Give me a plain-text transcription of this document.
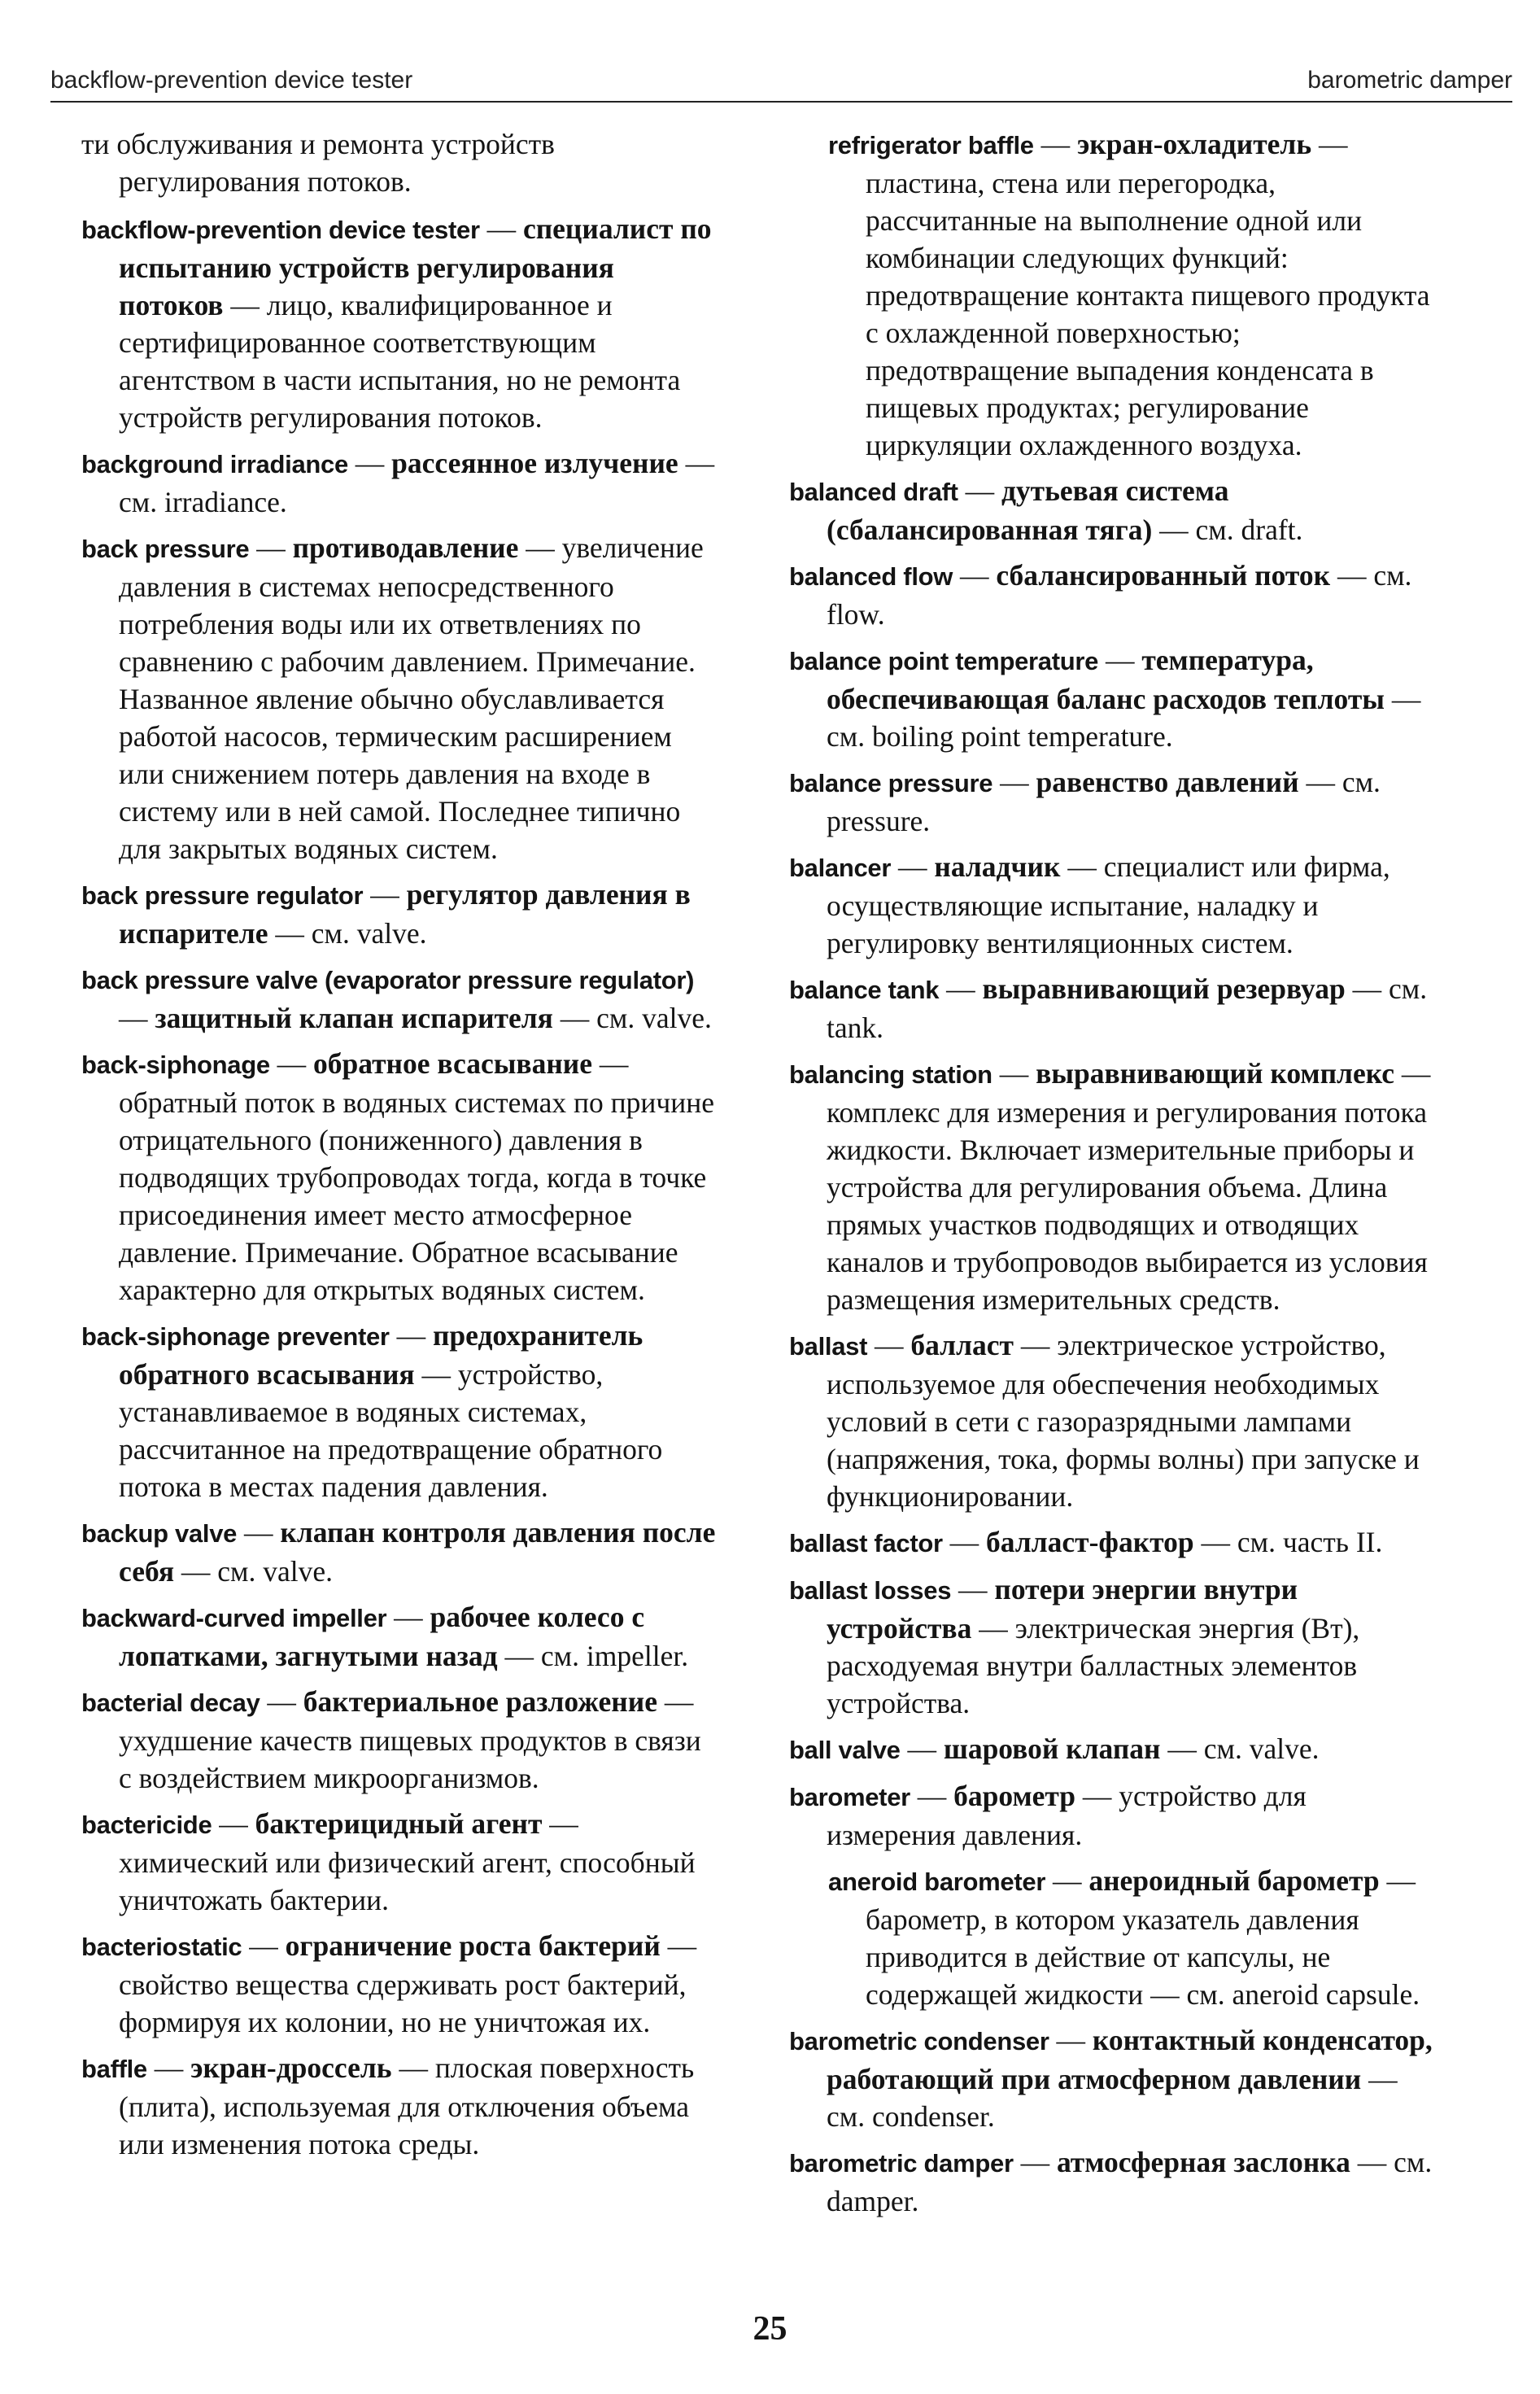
backflow-preventіon devіce tester	barometrіc damper

ти обслуживания и ремонта устройств регулирования потоков.

backflow-prevention device tester — специалист по испытанию устройств регулирования потоков — лицо, квалифицированное и сертифицированное соответствующим агентством в части испытания, но не ремонта устройств регулирования потоков.

background irradiance — рассеянное излучение — см. irradiance.

back pressure — противодавление — увеличение давления в системах непосредственного потребления воды или их ответвлениях по сравнению с рабочим давлением. Примечание. Названное явление обычно обуславливается работой насосов, термическим расширением или снижением потерь давления на входе в систему или в ней самой. Последнее типично для закрытых водяных систем.

back pressure regulator — регулятор давления в испарителе — см. valve.

back pressure valve (evaporator pressure regulator) — защитный клапан испарителя — см. valve.

back-siphonage — обратное всасывание — обратный поток в водяных системах по причине отрицательного (пониженного) давления в подводящих трубопроводах тогда, когда в точке присоединения имеет место атмосферное давление. Примечание. Обратное всасывание характерно для открытых водяных систем.

back-siphonage preventer — предохранитель обратного всасывания — устройство, устанавливаемое в водяных системах, рассчитанное на предотвращение обратного потока в местах падения давления.

backup valve — клапан контроля давления после себя — см. valve.

backward-curved impeller — рабочее колесо с лопатками, загнутыми назад — см. impeller.

bacterial decay — бактериальное разложение — ухудшение качеств пищевых продуктов в связи с воздействием микроорганизмов.

bactericide — бактерицидный агент — химический или физический агент, способный уничтожать бактерии.

bacteriostatic — ограничение роста бактерий — свойство вещества сдерживать рост бактерий, формируя их колонии, но не уничтожая их.

baffle — экран-дроссель — плоская поверхность (плита), используемая для отключения объема или изменения потока среды.

refrigerator baffle — экран-охладитель — пластина, стена или перегородка, рассчитанные на выполнение одной или комбинации следующих функций: предотвращение контакта пищевого продукта с охлажденной поверхностью; предотвращение выпадения конденсата в пищевых продуктах; регулирование циркуляции охлажденного воздуха.

balanced draft — дутьевая система (сбалансированная тяга) — см. draft.

balanced flow — сбалансированный поток — см. flow.

balance point temperature — температура, обеспечивающая баланс расходов теплоты — см. boiling point temperature.

balance pressure — равенство давлений — см. pressure.

balancer — наладчик — специалист или фирма, осуществляющие испытание, наладку и регулировку вентиляционных систем.

balance tank — выравнивающий резервуар — см. tank.

balancing station — выравнивающий комплекс — комплекс для измерения и регулирования потока жидкости. Включает измерительные приборы и устройства для регулирования объема. Длина прямых участков подводящих и отводящих каналов и трубопроводов выбирается из условия размещения измерительных средств.

ballast — балласт — электрическое устройство, используемое для обеспечения необходимых условий в сети с газоразрядными лампами (напряжения, тока, формы волны) при запуске и функционировании.

ballast factor — балласт-фактор — см. часть II.

ballast losses — потери энергии внутри устройства — электрическая энергия (Вт), расходуемая внутри балластных элементов устройства.

ball valve — шаровой клапан — см. valve.

barometer — барометр — устройство для измерения давления.

aneroid barometer — анероидный барометр — барометр, в котором указатель давления приводится в действие от капсулы, не содержащей жидкости — см. aneroid capsule.

barometric condenser — контактный конденсатор, работающий при атмосферном давлении — см. condenser.

barometric damper — атмосферная заслонка — см. damper.

25
